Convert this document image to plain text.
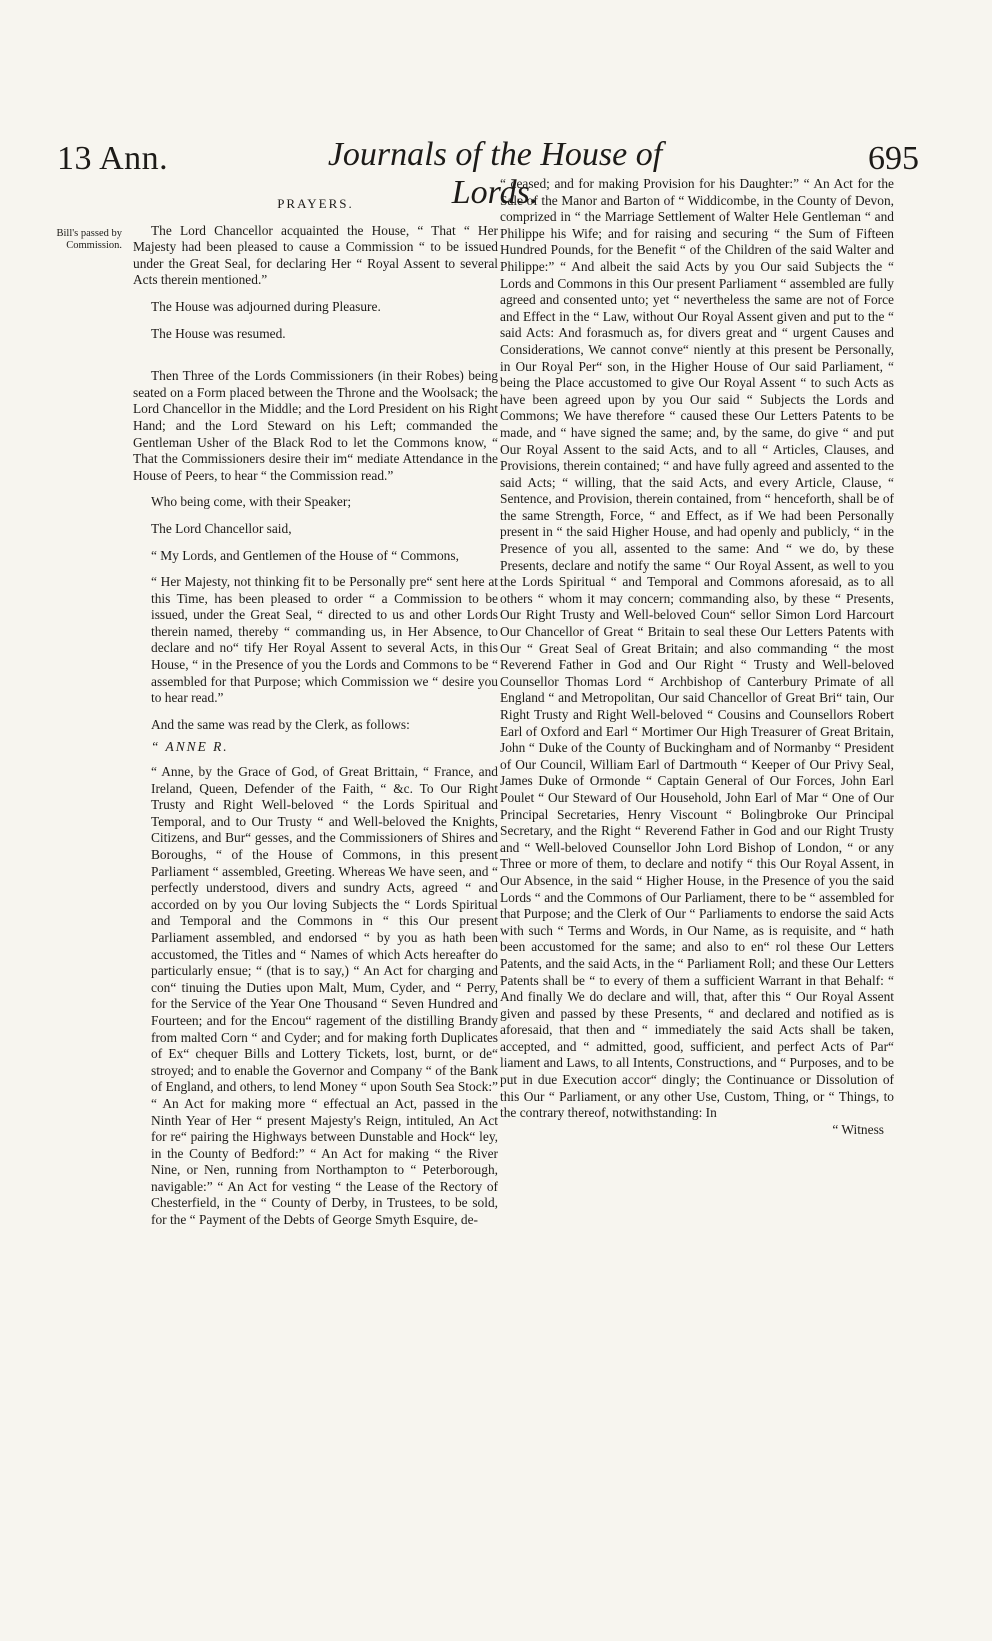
13 Ann.	Journals of the House of Lords.
695
Bill's passed by Commission.

PRAYERS.

The Lord Chancellor acquainted the House, “ That “ Her Majesty had been pleased to cause a Commission “ to be issued under the Great Seal, for declaring Her “ Royal Assent to several Acts therein mentioned.”

The House was adjourned during Pleasure.

The House was resumed.

Then Three of the Lords Commissioners (in their Robes) being seated on a Form placed between the Throne and the Woolsack; the Lord Chancellor in the Middle; and the Lord President on his Right Hand; and the Lord Steward on his Left; commanded the Gentleman Usher of the Black Rod to let the Commons know, “ That the Commissioners desire their im“ mediate Attendance in the House of Peers, to hear “ the Commission read.”

Who being come, with their Speaker;

The Lord Chancellor said,

“ My Lords, and Gentlemen of the House of “ Commons,

“ Her Majesty, not thinking fit to be Personally pre“ sent here at this Time, has been pleased to order “ a Commission to be issued, under the Great Seal, “ directed to us and other Lords therein named, thereby “ commanding us, in Her Absence, to declare and no“ tify Her Royal Assent to several Acts, in this House, “ in the Presence of you the Lords and Commons to be “ assembled for that Purpose; which Commission we “ desire you to hear read.”

And the same was read by the Clerk, as follows:

“ ANNE R.

“ Anne, by the Grace of God, of Great Brittain, “ France, and Ireland, Queen, Defender of the Faith, “ &c. To Our Right Trusty and Right Well-beloved “ the Lords Spiritual and Temporal, and to Our Trusty “ and Well-beloved the Knights, Citizens, and Bur“ gesses, and the Commissioners of Shires and Boroughs, “ of the House of Commons, in this present Parliament “ assembled, Greeting. Whereas We have seen, and “ perfectly understood, divers and sundry Acts, agreed “ and accorded on by you Our loving Subjects the “ Lords Spiritual and Temporal and the Commons in “ this Our present Parliament assembled, and endorsed “ by you as hath been accustomed, the Titles and “ Names of which Acts hereafter do particularly ensue; “ (that is to say,) “ An Act for charging and con“ tinuing the Duties upon Malt, Mum, Cyder, and “ Perry, for the Service of the Year One Thousand “ Seven Hundred and Fourteen; and for the Encou“ ragement of the distilling Brandy from malted Corn “ and Cyder; and for making forth Duplicates of Ex“ chequer Bills and Lottery Tickets, lost, burnt, or de“ stroyed; and to enable the Governor and Company “ of the Bank of England, and others, to lend Money “ upon South Sea Stock:” “ An Act for making more “ effectual an Act, passed in the Ninth Year of Her “ present Majesty's Reign, intituled, An Act for re“ pairing the Highways between Dunstable and Hock“ ley, in the County of Bedford:” “ An Act for making “ the River Nine, or Nen, running from Northampton to “ Peterborough, navigable:” “ An Act for vesting “ the Lease of the Rectory of Chesterfield, in the “ County of Derby, in Trustees, to be sold, for the “ Payment of the Debts of George Smyth Esquire, de-

“ ceased; and for making Provision for his Daughter:” “ An Act for the Sale of the Manor and Barton of “ Widdicombe, in the County of Devon, comprized in “ the Marriage Settlement of Walter Hele Gentleman “ and Philippe his Wife; and for raising and securing “ the Sum of Fifteen Hundred Pounds, for the Benefit “ of the Children of the said Walter and Philippe:” “ And albeit the said Acts by you Our said Subjects the “ Lords and Commons in this Our present Parliament “ assembled are fully agreed and consented unto; yet “ nevertheless the same are not of Force and Effect in the “ Law, without Our Royal Assent given and put to the “ said Acts: And forasmuch as, for divers great and “ urgent Causes and Considerations, We cannot conve“ niently at this present be Personally, in Our Royal Per“ son, in the Higher House of Our said Parliament, “ being the Place accustomed to give Our Royal Assent “ to such Acts as have been agreed upon by you Our said “ Subjects the Lords and Commons; We have therefore “ caused these Our Letters Patents to be made, and “ have signed the same; and, by the same, do give “ and put Our Royal Assent to the said Acts, and to all “ Articles, Clauses, and Provisions, therein contained; “ and have fully agreed and assented to the said Acts; “ willing, that the said Acts, and every Article, Clause, “ Sentence, and Provision, therein contained, from “ henceforth, shall be of the same Strength, Force, “ and Effect, as if We had been Personally present in “ the said Higher House, and had openly and publicly, “ in the Presence of you all, assented to the same: And “ we do, by these Presents, declare and notify the same “ Our Royal Assent, as well to you the Lords Spiritual “ and Temporal and Commons aforesaid, as to all others “ whom it may concern; commanding also, by these “ Presents, Our Right Trusty and Well-beloved Coun“ sellor Simon Lord Harcourt Our Chancellor of Great “ Britain to seal these Our Letters Patents with Our “ Great Seal of Great Britain; and also commanding “ the most Reverend Father in God and Our Right “ Trusty and Well-beloved Counsellor Thomas Lord “ Archbishop of Canterbury Primate of all England “ and Metropolitan, Our said Chancellor of Great Bri“ tain, Our Right Trusty and Right Well-beloved “ Cousins and Counsellors Robert Earl of Oxford and Earl “ Mortimer Our High Treasurer of Great Britain, John “ Duke of the County of Buckingham and of Normanby “ President of Our Council, William Earl of Dartmouth “ Keeper of Our Privy Seal, James Duke of Ormonde “ Captain General of Our Forces, John Earl Poulet “ Our Steward of Our Household, John Earl of Mar “ One of Our Principal Secretaries, Henry Viscount “ Bolingbroke Our Principal Secretary, and the Right “ Reverend Father in God and our Right Trusty and “ Well-beloved Counsellor John Lord Bishop of London, “ or any Three or more of them, to declare and notify “ this Our Royal Assent, in Our Absence, in the said “ Higher House, in the Presence of you the said Lords “ and the Commons of Our Parliament, there to be “ assembled for that Purpose; and the Clerk of Our “ Parliaments to endorse the said Acts with such “ Terms and Words, in Our Name, as is requisite, and “ hath been accustomed for the same; and also to en“ rol these Our Letters Patents, and the said Acts, in the “ Parliament Roll; and these Our Letters Patents shall be “ to every of them a sufficient Warrant in that Behalf: “ And finally We do declare and will, that, after this “ Our Royal Assent given and passed by these Presents, “ and declared and notified as is aforesaid, that then and “ immediately the said Acts shall be taken, accepted, and “ admitted, good, sufficient, and perfect Acts of Par“ liament and Laws, to all Intents, Constructions, and “ Purposes, and to be put in due Execution accor“ dingly; the Continuance or Dissolution of this Our “ Parliament, or any other Use, Custom, Thing, or “ Things, to the contrary thereof, notwithstanding: In

“ Witness
